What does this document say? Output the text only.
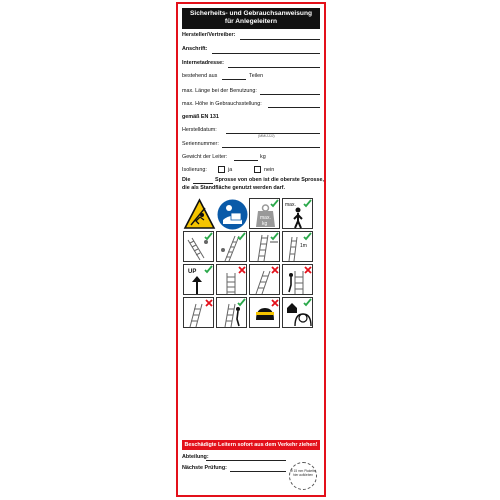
Sicherheits- und Gebrauchsanweisung
für Anlegeleitern
Hersteller/Vertreiber:
Anschrift:
Internetadresse:
bestehend aus	Teilen
max. Länge bei der Benutzung:
max. Höhe in Gebrauchsstellung:
gemäß EN 131
Herstelldatum:
(MM/JJJJ)
Seriennummer:
Gewicht der Leiter:	kg
Isolierung:	ja	nein
Die	Sprosse von oben ist die oberste Sprosse,
die als Standfläche genutzt werden darf.
max.
kg
max.
1m
UP
Beschädigte Leitern sofort aus dem Verkehr ziehen!
Abteilung:
Nächste Prüfung:	Ø 15 mm Plakette hier aufkleben
